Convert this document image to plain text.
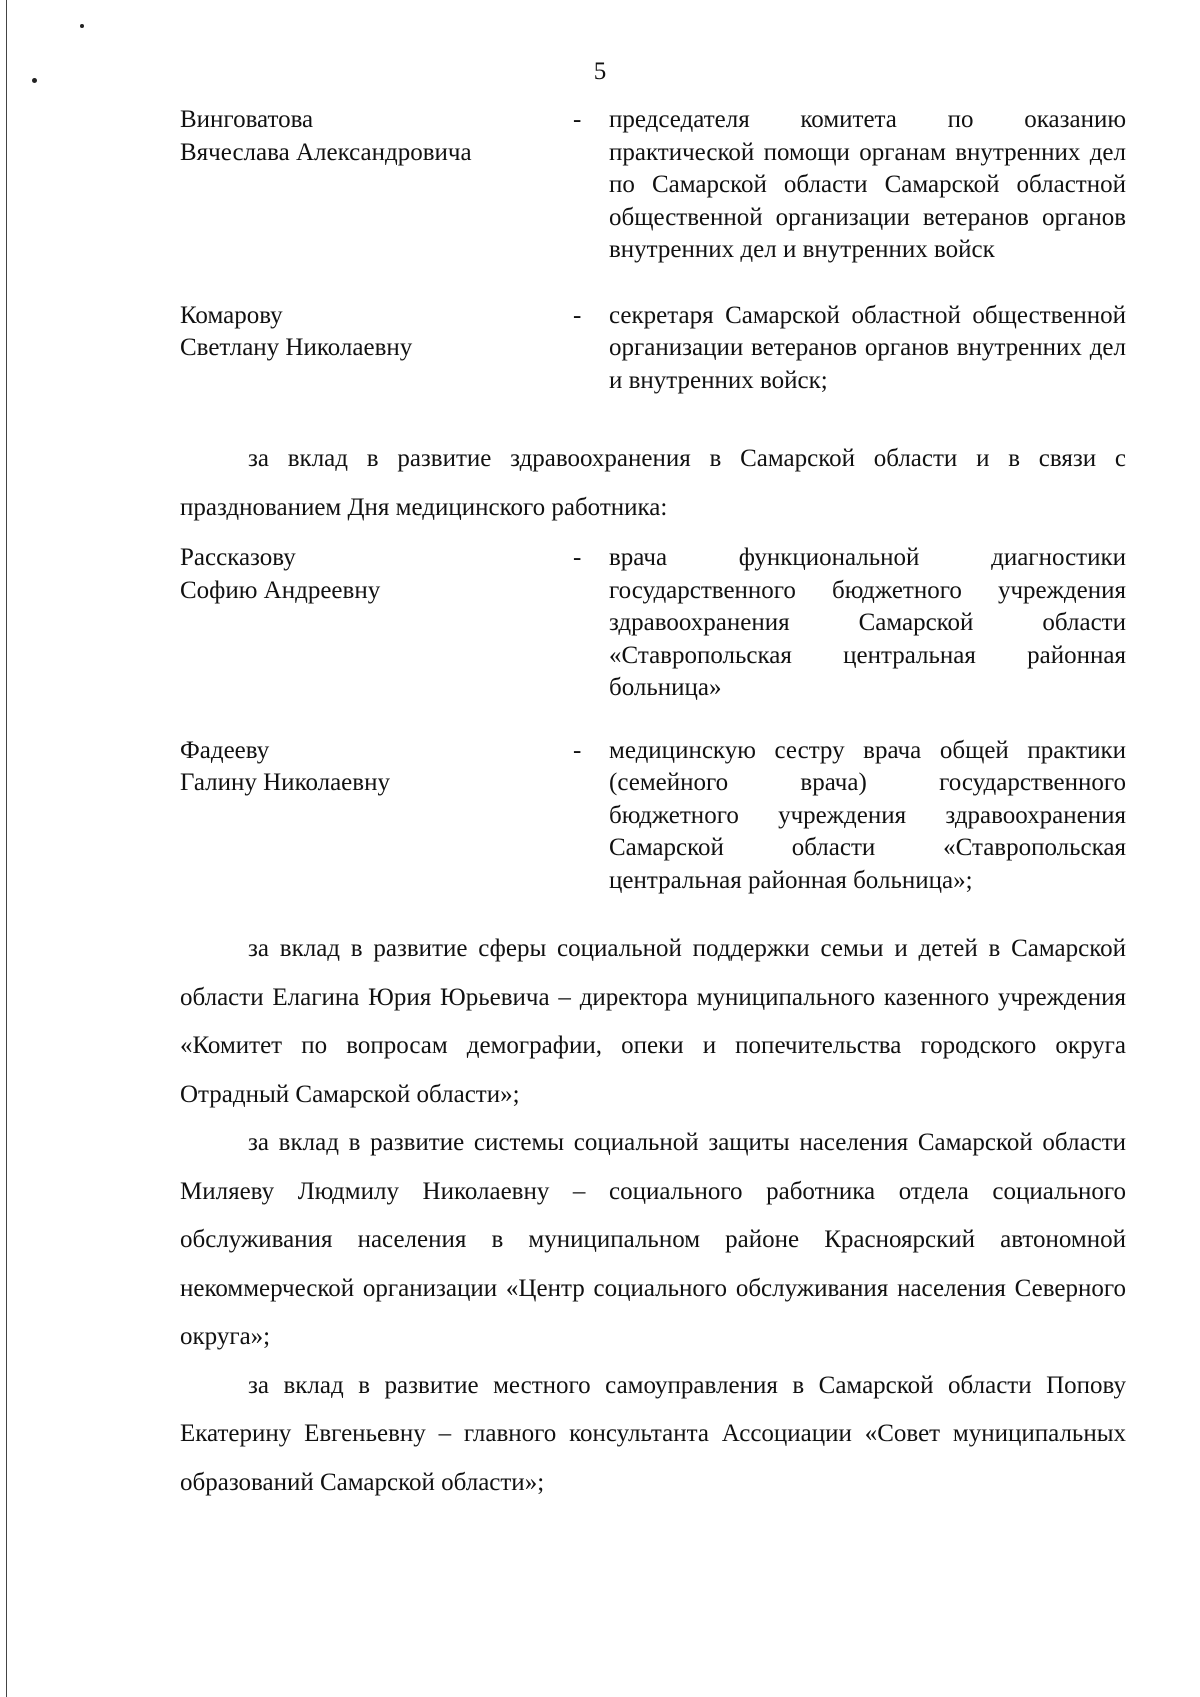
5
Винговатова
Вячеслава Александровича
-	председателя комитета по оказанию практической помощи органам внутренних дел по Самарской области Самарской областной общественной организации ветеранов органов внутренних дел и внутренних войск
Комарову
Светлану Николаевну
-	секретаря Самарской областной общественной организации ветеранов органов внутренних дел и внутренних войск;

за вклад в развитие здравоохранения в Самарской области и в связи с празднованием Дня медицинского работника:

Рассказову
Софию Андреевну
-	врача функциональной диагностики государственного бюджетного учреждения здравоохранения Самарской области «Ставропольская центральная районная больница»
Фадееву
Галину Николаевну
-	медицинскую сестру врача общей практики (семейного врача) государственного бюджетного учреждения здравоохранения Самарской области «Ставропольская центральная районная больница»;

за вклад в развитие сферы социальной поддержки семьи и детей в Самарской области Елагина Юрия Юрьевича – директора муниципального казенного учреждения «Комитет по вопросам демографии, опеки и попечительства городского округа Отрадный Самарской области»;

за вклад в развитие системы социальной защиты населения Самарской области Миляеву Людмилу Николаевну – социального работника отдела социального обслуживания населения в муниципальном районе Красноярский автономной некоммерческой организации «Центр социального обслуживания населения Северного округа»;

за вклад в развитие местного самоуправления в Самарской области Попову Екатерину Евгеньевну – главного консультанта Ассоциации «Совет муниципальных образований Самарской области»;
